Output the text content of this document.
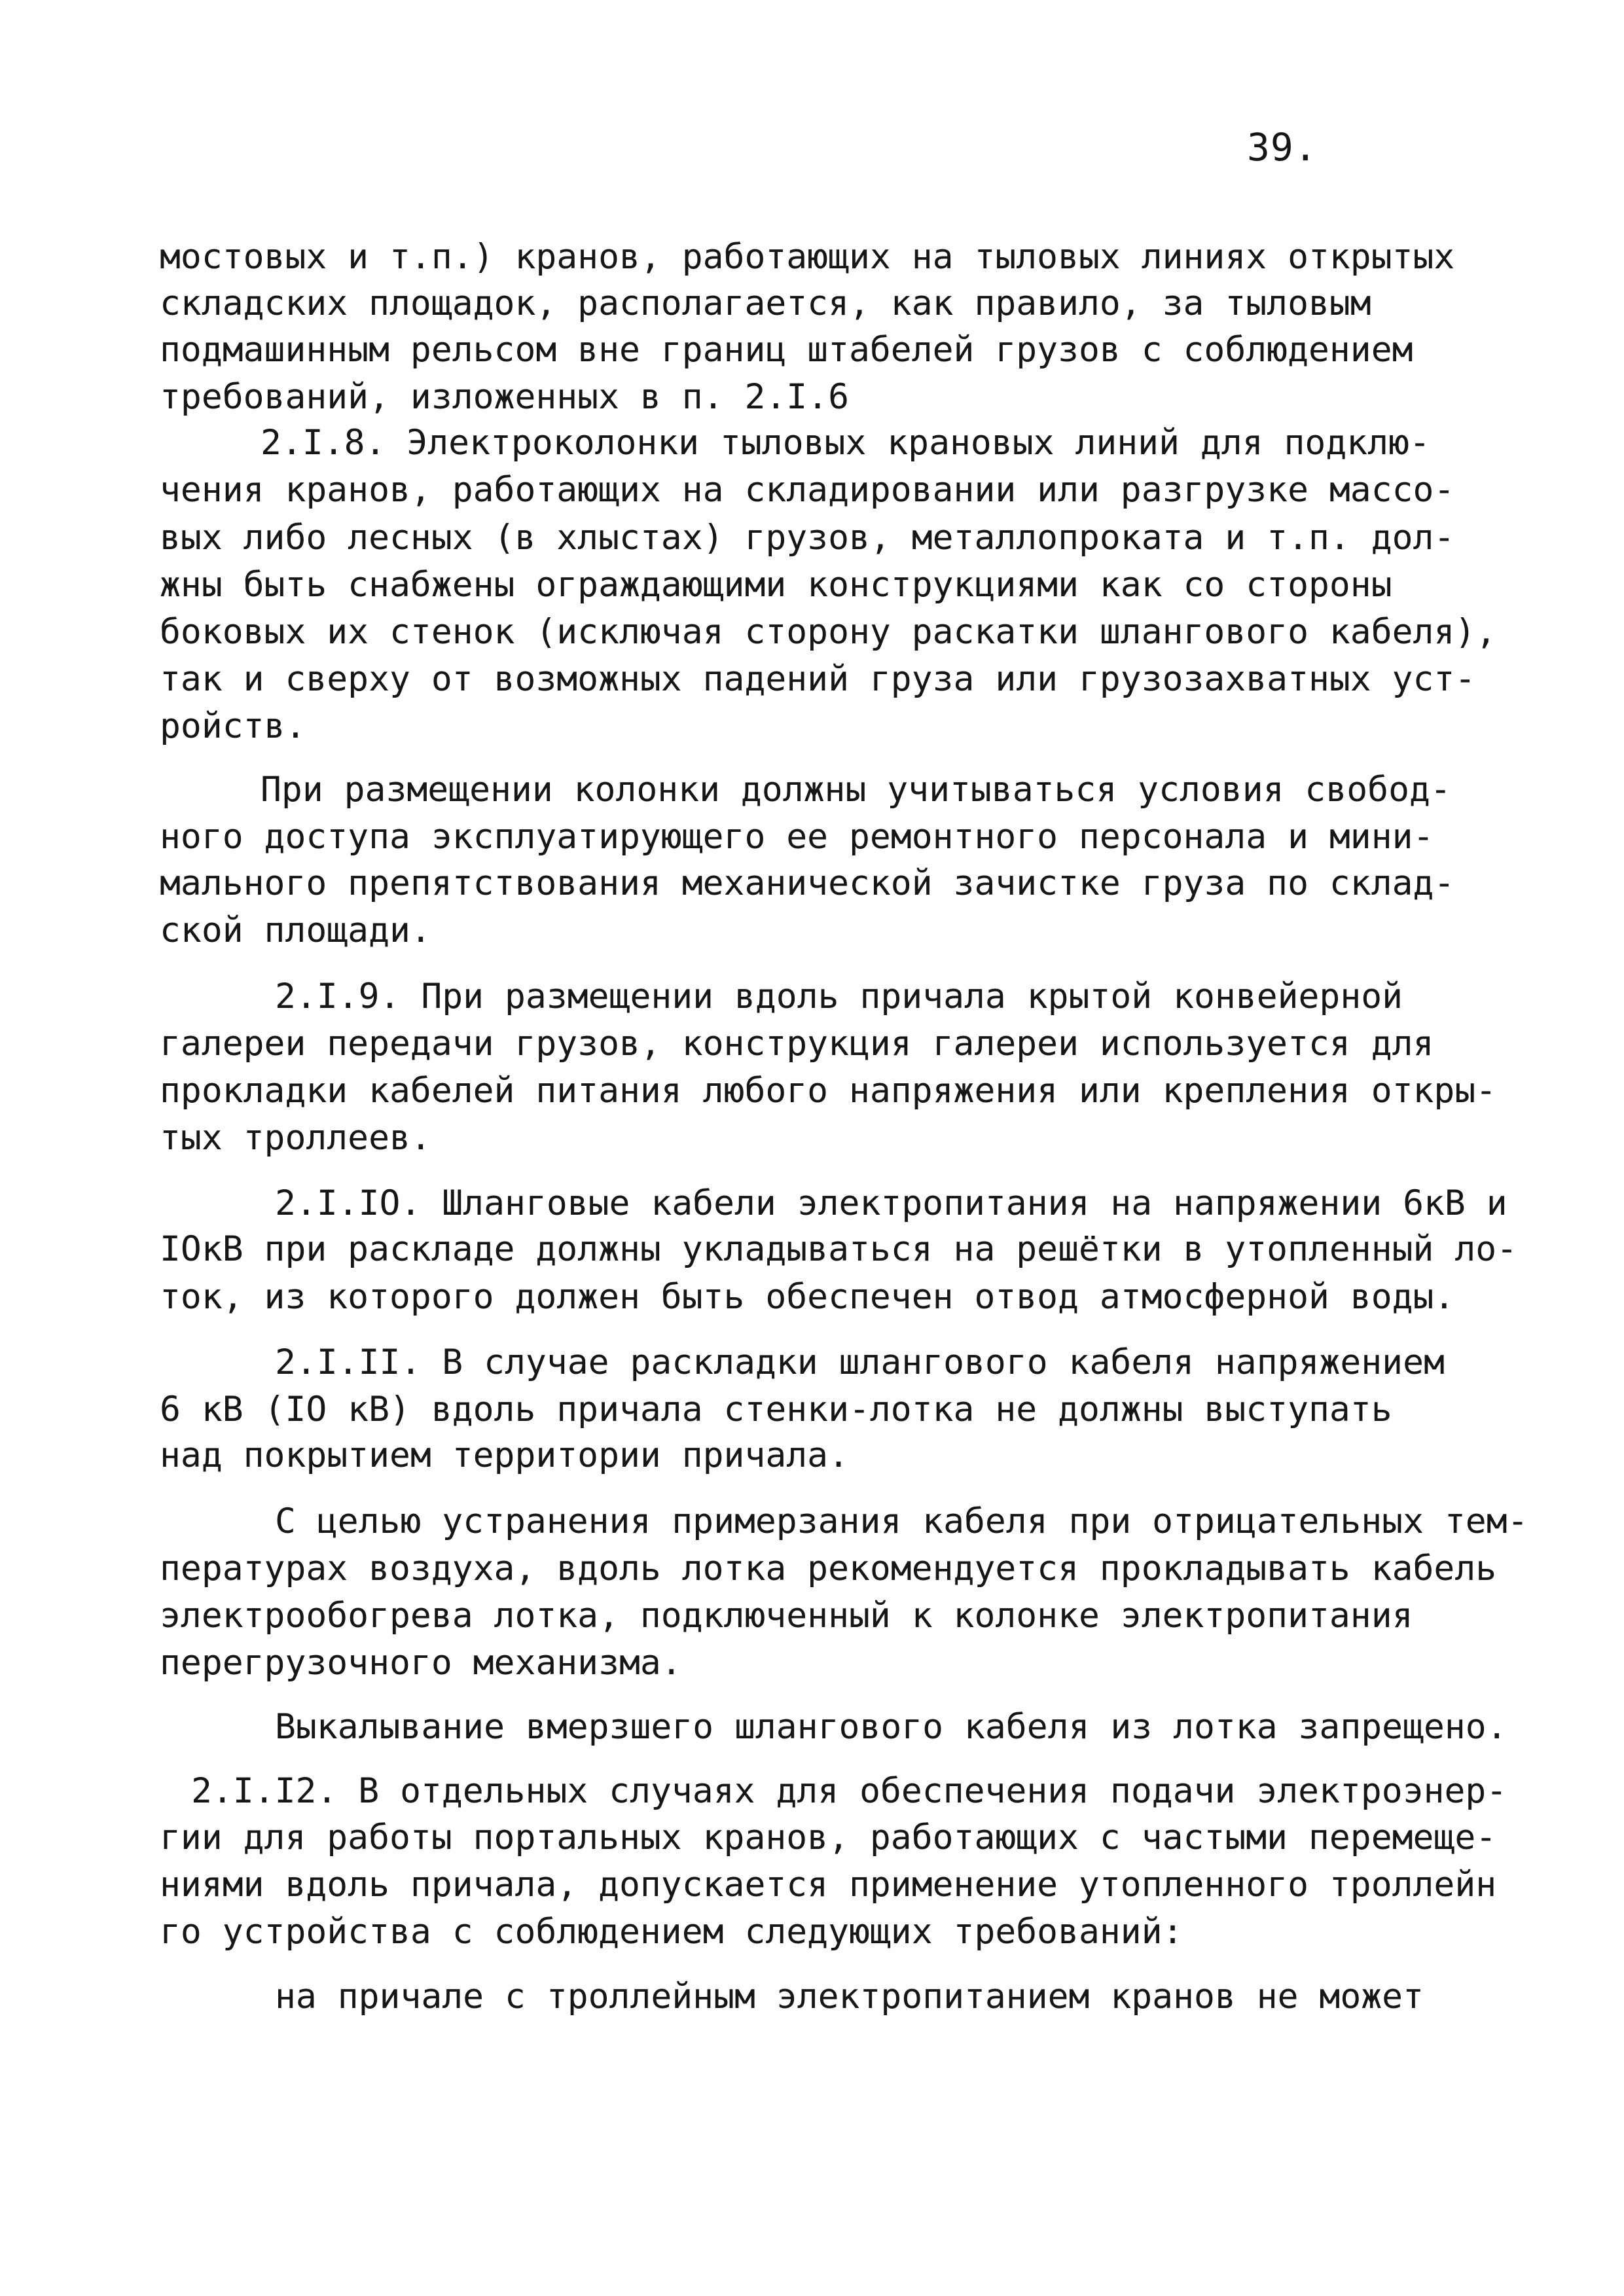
39.
мостовых и т.п.) кранов, работающих на тыловых линиях открытых
складских площадок, располагается, как правило, за тыловым
подмашинным рельсом вне границ штабелей грузов с соблюдением
требований, изложенных в п. 2.I.6
2.I.8. Электроколонки тыловых крановых линий для подклю-
чения кранов, работающих на складировании или разгрузке массо-
вых либо лесных (в хлыстах) грузов, металлопроката и т.п. дол-
жны быть снабжены ограждающими конструкциями как со стороны
боковых их стенок (исключая сторону раскатки шлангового кабеля),
так и сверху от возможных падений груза или грузозахватных уст-
ройств.
При размещении колонки должны учитываться условия свобод-
ного доступа эксплуатирующего ее ремонтного персонала и мини-
мального препятствования механической зачистке груза по склад-
ской площади.
2.I.9. При размещении вдоль причала крытой конвейерной
галереи передачи грузов, конструкция галереи используется для
прокладки кабелей питания любого напряжения или крепления откры-
тых троллеев.
2.I.IO. Шланговые кабели электропитания на напряжении 6кВ и
IOкВ при раскладе должны укладываться на решётки в утопленный ло-
ток, из которого должен быть обеспечен отвод атмосферной воды.
2.I.II. В случае раскладки шлангового кабеля напряжением
6 кВ (IO кВ) вдоль причала стенки-лотка не должны выступать
над покрытием территории причала.
С целью устранения примерзания кабеля при отрицательных тем-
пературах воздуха, вдоль лотка рекомендуется прокладывать кабель
электрообогрева лотка, подключенный к колонке электропитания
перегрузочного механизма.
Выкалывание вмерзшего шлангового кабеля из лотка запрещено.
2.I.I2. В отдельных случаях для обеспечения подачи электроэнер-
гии для работы портальных кранов, работающих с частыми перемеще-
ниями вдоль причала, допускается применение утопленного троллейн
го устройства с соблюдением следующих требований:
на причале с троллейным электропитанием кранов не может
